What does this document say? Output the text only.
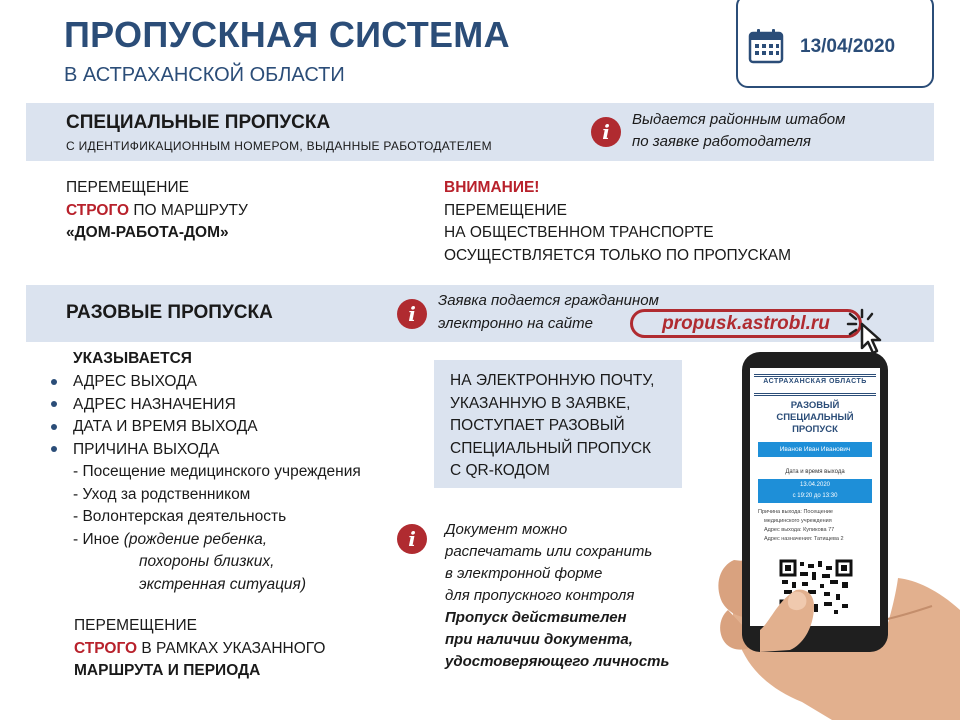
ПРОПУСКНАЯ СИСТЕМА
В АСТРАХАНСКОЙ ОБЛАСТИ
13/04/2020
СПЕЦИАЛЬНЫЕ ПРОПУСКА
С ИДЕНТИФИКАЦИОННЫМ НОМЕРОМ, ВЫДАННЫЕ РАБОТОДАТЕЛЕМ
i
Выдается районным штабом
по заявке работодателя
ПЕРЕМЕЩЕНИЕ
СТРОГО ПО МАРШРУТУ
«ДОМ-РАБОТА-ДОМ»
ВНИМАНИЕ!
ПЕРЕМЕЩЕНИЕ
НА ОБЩЕСТВЕННОМ ТРАНСПОРТЕ
ОСУЩЕСТВЛЯЕТСЯ ТОЛЬКО ПО ПРОПУСКАМ
РАЗОВЫЕ ПРОПУСКА	i
Заявка подается гражданином
электронно на сайте	propusk.astrobl.ru
УКАЗЫВАЕТСЯ
АДРЕС ВЫХОДА
АДРЕС НАЗНАЧЕНИЯ
ДАТА И ВРЕМЯ ВЫХОДА
ПРИЧИНА ВЫХОДА
- Посещение медицинского учреждения
- Уход за родственником
- Волонтерская деятельность
- Иное (рождение ребенка,
похороны близких,
экстренная ситуация)
ПЕРЕМЕЩЕНИЕ
СТРОГО В РАМКАХ УКАЗАННОГО
МАРШРУТА И ПЕРИОДА
НА ЭЛЕКТРОННУЮ ПОЧТУ,
УКАЗАННУЮ В ЗАЯВКЕ,
ПОСТУПАЕТ РАЗОВЫЙ
СПЕЦИАЛЬНЫЙ ПРОПУСК
С QR-КОДОМ
i	Документ можно
распечатать или сохранить
в электронной форме
для пропускного контроля
Пропуск действителен
при наличии документа,
удостоверяющего личность
АСТРАХАНСКАЯ ОБЛАСТЬ
РАЗОВЫЙ
СПЕЦИАЛЬНЫЙ
ПРОПУСК
Иванов Иван Иванович
Дата и время выхода
13.04.2020
с 19:20 до 13:30
Причина выхода: Посещение
медицинского учреждения
Адрес выхода: Купикова 77
Адрес назначения: Татищева 2
